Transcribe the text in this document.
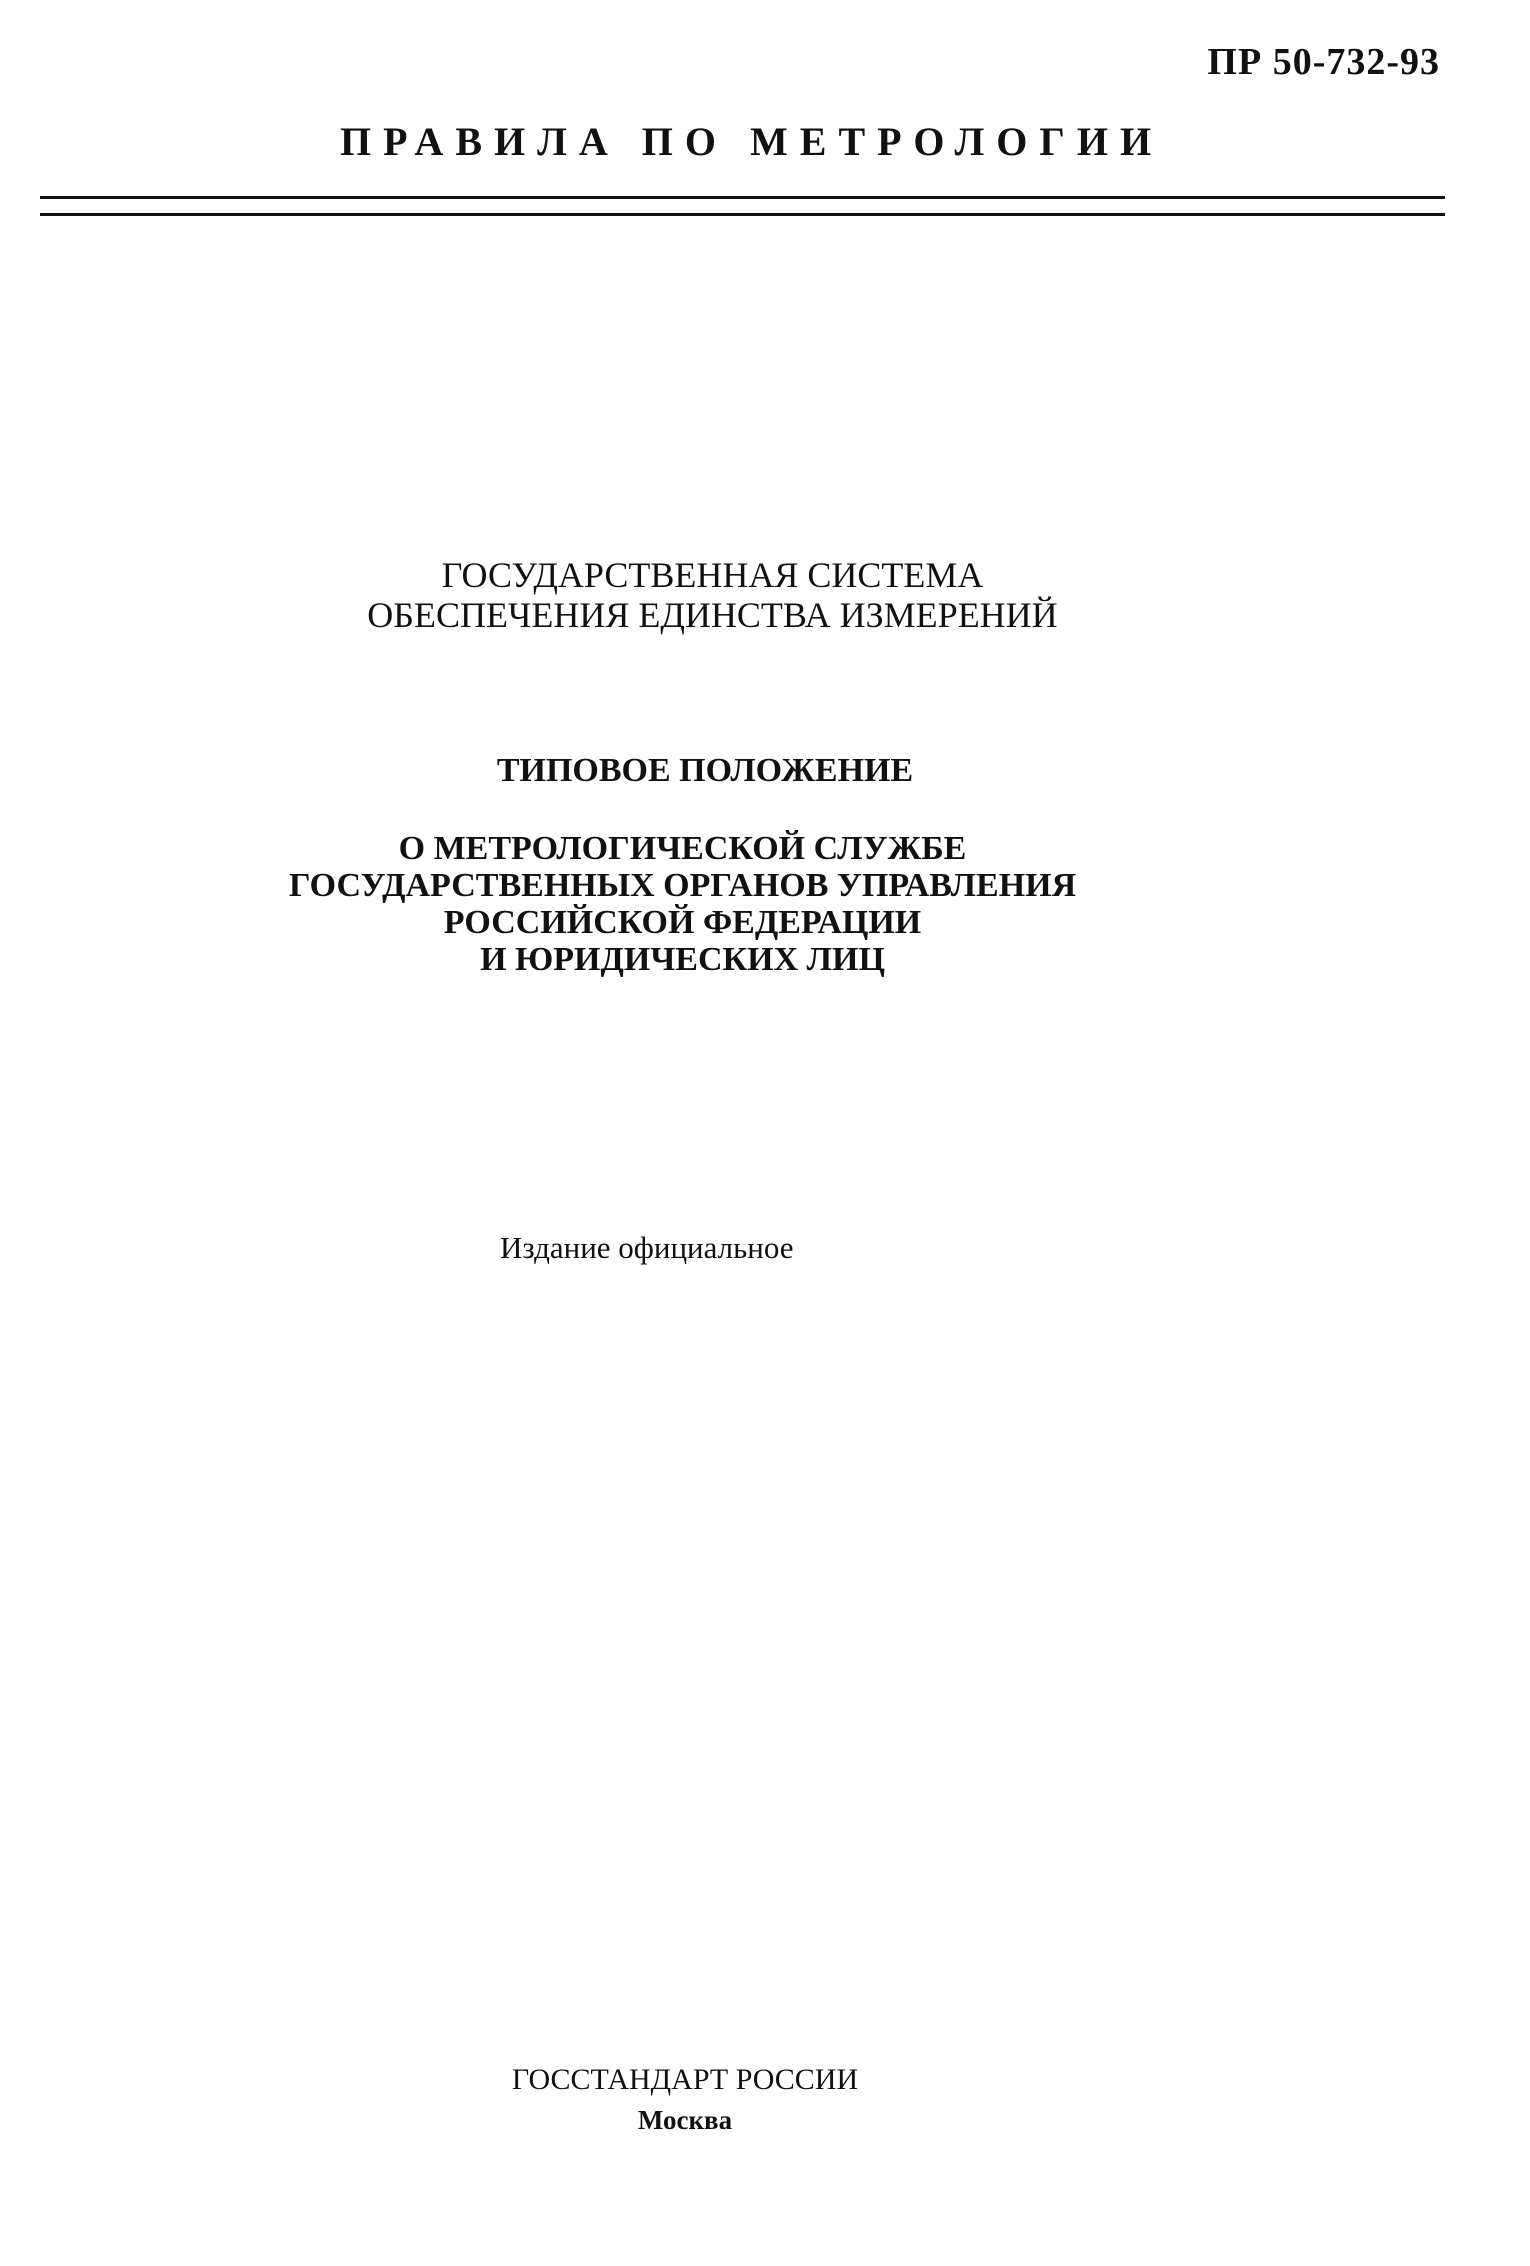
ПР 50-732-93
ПРАВИЛА ПО МЕТРОЛОГИИ
ГОСУДАРСТВЕННАЯ СИСТЕМА
ОБЕСПЕЧЕНИЯ ЕДИНСТВА ИЗМЕРЕНИЙ
ТИПОВОЕ ПОЛОЖЕНИЕ
О МЕТРОЛОГИЧЕСКОЙ СЛУЖБЕ
ГОСУДАРСТВЕННЫХ ОРГАНОВ УПРАВЛЕНИЯ
РОССИЙСКОЙ ФЕДЕРАЦИИ
И ЮРИДИЧЕСКИХ ЛИЦ
Издание официальное
ГОССТАНДАРТ РОССИИ
Москва
